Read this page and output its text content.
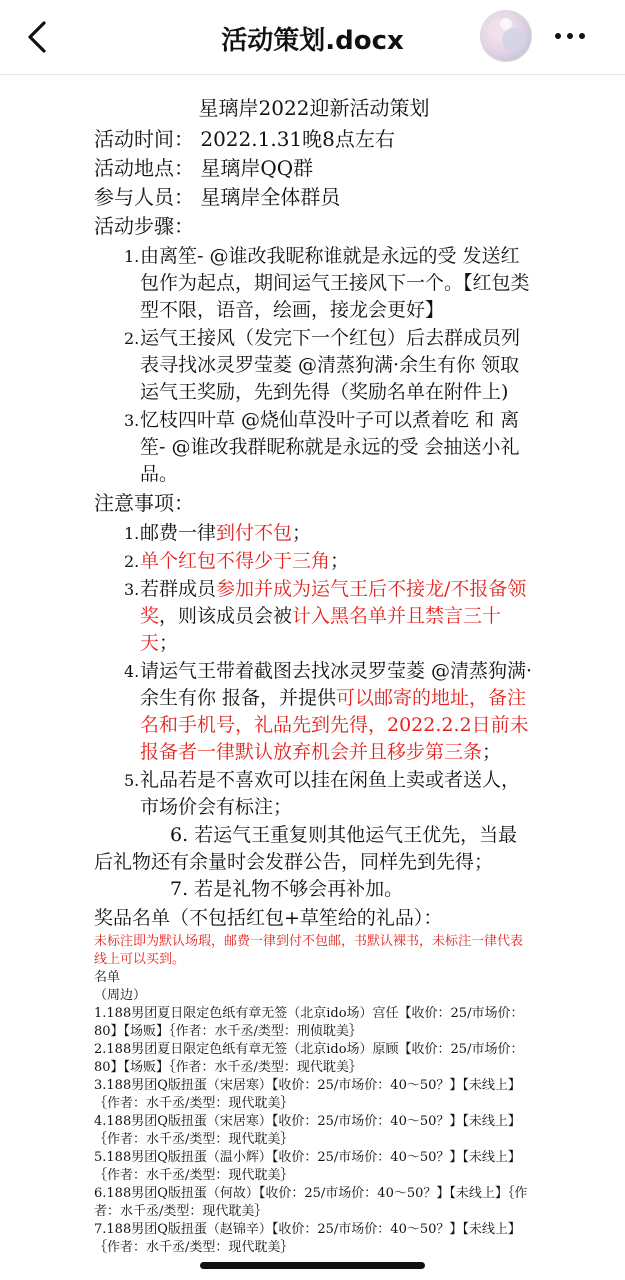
活动策划.docx
星璃岸2022迎新活动策划

活动时间： 2022.1.31晚8点左右

活动地点： 星璃岸QQ群

参与人员： 星璃岸全体群员

活动步骤：

1. 由离笙- @谁改我昵称谁就是永远的受 发送红包作为起点，期间运气王接风下一个。【红包类型不限，语音，绘画，接龙会更好】
2. 运气王接风（发完下一个红包）后去群成员列表寻找冰灵罗莹菱 @清蒸狗满·余生有你 领取运气王奖励，先到先得（奖励名单在附件上)
3. 忆枝四叶草 @烧仙草没叶子可以煮着吃 和 离笙- @谁改我群昵称就是永远的受 会抽送小礼品。

注意事项：

1. 邮费一律到付不包；
2. 单个红包不得少于三角；
3. 若群成员参加并成为运气王后不接龙/不报备领奖，则该成员会被计入黑名单并且禁言三十天；
4. 请运气王带着截图去找冰灵罗莹菱 @清蒸狗满·余生有你 报备，并提供可以邮寄的地址，备注名和手机号，礼品先到先得，2022.2.2日前未报备者一律默认放弃机会并且移步第三条；
5. 礼品若是不喜欢可以挂在闲鱼上卖或者送人，市场价会有标注；

6. 若运气王重复则其他运气王优先，当最后礼物还有余量时会发群公告，同样先到先得；

7. 若是礼物不够会再补加。

奖品名单（不包括红包+草笙给的礼品）：

未标注即为默认场瑕，邮费一律到付不包邮，书默认裸书，未标注一律代表线上可以买到。

名单

（周边）

1.188男团夏日限定色纸有章无签（北京ido场）宫任【收价：25/市场价：80】【场贩】｛作者：水千丞/类型：刑侦耽美｝

2.188男团夏日限定色纸有章无签（北京ido场）原顾【收价：25/市场价：80】【场贩】｛作者：水千丞/类型：现代耽美｝

3.188男团Q版扭蛋（宋居寒）【收价：25/市场价：40～50？】【未线上】｛作者：水千丞/类型：现代耽美｝

4.188男团Q版扭蛋（宋居寒）【收价：25/市场价：40～50？】【未线上】｛作者：水千丞/类型：现代耽美｝

5.188男团Q版扭蛋（温小辉）【收价：25/市场价：40～50？】【未线上】｛作者：水千丞/类型：现代耽美｝

6.188男团Q版扭蛋（何故）【收价：25/市场价：40～50？】【未线上】｛作者：水千丞/类型：现代耽美｝

7.188男团Q版扭蛋（赵锦辛）【收价：25/市场价：40～50？】【未线上】｛作者：水千丞/类型：现代耽美｝
